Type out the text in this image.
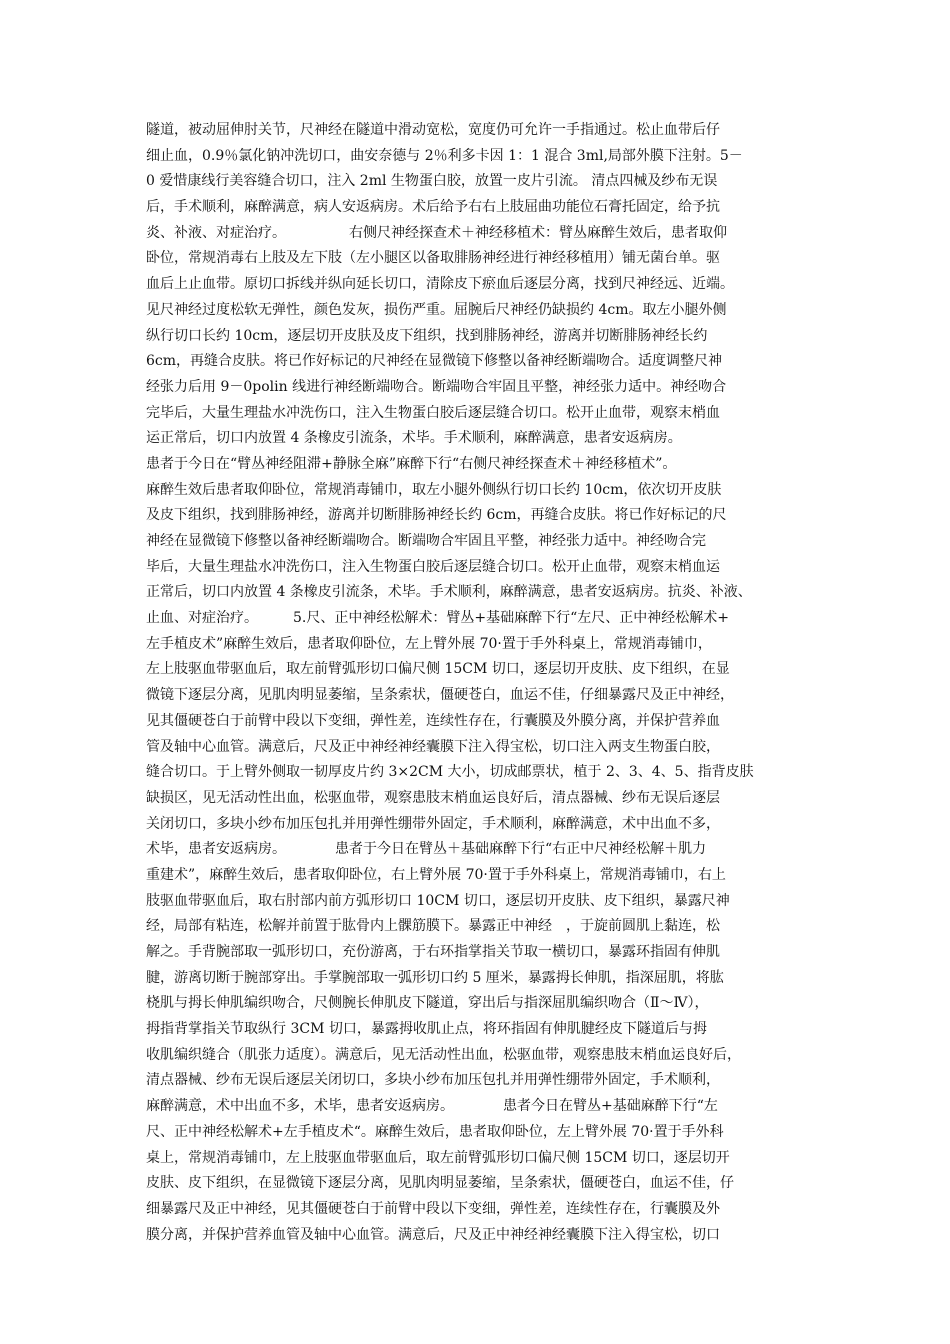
隧道，被动屈伸肘关节，尺神经在隧道中滑动宽松，宽度仍可允许一手指通过。松止血带后仔
细止血，0.9％氯化钠冲洗切口，曲安奈德与 2％利多卡因 1：1 混合 3ml,局部外膜下注射。5－
0 爱惜康线行美容缝合切口，注入 2ml 生物蛋白胶，放置一皮片引流。 清点四械及纱布无误
后，手术顺利，麻醉满意，病人安返病房。术后给予右右上肢屈曲功能位石膏托固定，给予抗
炎、补液、对症治疗。　　　　　右侧尺神经探查术＋神经移植术：臂丛麻醉生效后，患者取仰
卧位，常规消毒右上肢及左下肢（左小腿区以备取腓肠神经进行神经移植用）铺无菌台单。驱
血后上止血带。原切口拆线并纵向延长切口，清除皮下瘀血后逐层分离，找到尺神经远、近端。
见尺神经过度松软无弹性，颜色发灰，损伤严重。屈腕后尺神经仍缺损约 4cm。取左小腿外侧
纵行切口长约 10cm，逐层切开皮肤及皮下组织，找到腓肠神经，游离并切断腓肠神经长约
6cm，再缝合皮肤。将已作好标记的尺神经在显微镜下修整以备神经断端吻合。适度调整尺神
经张力后用 9－0polin 线进行神经断端吻合。断端吻合牢固且平整，神经张力适中。神经吻合
完毕后，大量生理盐水冲洗伤口，注入生物蛋白胶后逐层缝合切口。松开止血带，观察末梢血
运正常后，切口内放置 4 条橡皮引流条，术毕。手术顺利，麻醉满意，患者安返病房。
患者于今日在“臂丛神经阻滞+静脉全麻”麻醉下行“右侧尺神经探查术＋神经移植术”。
麻醉生效后患者取仰卧位，常规消毒铺巾，取左小腿外侧纵行切口长约 10cm，依次切开皮肤
及皮下组织，找到腓肠神经，游离并切断腓肠神经长约 6cm，再缝合皮肤。将已作好标记的尺
神经在显微镜下修整以备神经断端吻合。断端吻合牢固且平整，神经张力适中。神经吻合完
毕后，大量生理盐水冲洗伤口，注入生物蛋白胶后逐层缝合切口。松开止血带，观察末梢血运
正常后，切口内放置 4 条橡皮引流条，术毕。手术顺利，麻醉满意，患者安返病房。抗炎、补液、
止血、对症治疗。　　　5.尺、正中神经松解术：臂丛+基础麻醉下行“左尺、正中神经松解术+
左手植皮术”麻醉生效后，患者取仰卧位，左上臂外展 70·置于手外科桌上，常规消毒铺巾，
左上肢驱血带驱血后，取左前臂弧形切口偏尺侧 15CM 切口，逐层切开皮肤、皮下组织，在显
微镜下逐层分离，见肌肉明显萎缩，呈条索状，僵硬苍白，血运不佳，仔细暴露尺及正中神经，
见其僵硬苍白于前臂中段以下变细，弹性差，连续性存在，行囊膜及外膜分离，并保护营养血
管及轴中心血管。满意后，尺及正中神经神经囊膜下注入得宝松，切口注入两支生物蛋白胶，
缝合切口。于上臂外侧取一韧厚皮片约 3×2CM 大小，切成邮票状，植于 2、3、4、5、指背皮肤
缺损区，见无活动性出血，松驱血带，观察患肢末梢血运良好后，清点器械、纱布无误后逐层
关闭切口，多块小纱布加压包扎并用弹性绷带外固定，手术顺利，麻醉满意，术中出血不多，
术毕，患者安返病房。　　　　患者于今日在臂丛＋基础麻醉下行“右正中尺神经松解＋肌力
重建术”，麻醉生效后，患者取仰卧位，右上臂外展 70·置于手外科桌上，常规消毒铺巾，右上
肢驱血带驱血后，取右肘部内前方弧形切口 10CM 切口，逐层切开皮肤、皮下组织，暴露尺神
经，局部有粘连，松解并前置于肱骨内上髁筋膜下。暴露正中神经　，于旋前圆肌上黏连，松
解之。手背腕部取一弧形切口，充份游离，于右环指掌指关节取一横切口，暴露环指固有伸肌
腱，游离切断于腕部穿出。手掌腕部取一弧形切口约 5 厘米，暴露拇长伸肌，指深屈肌，将肱
桡肌与拇长伸肌编织吻合，尺侧腕长伸肌皮下隧道，穿出后与指深屈肌编织吻合（Ⅱ～Ⅳ），
拇指背掌指关节取纵行 3CM 切口，暴露拇收肌止点，将环指固有伸肌腱经皮下隧道后与拇
收肌编织缝合（肌张力适度）。满意后，见无活动性出血，松驱血带，观察患肢末梢血运良好后，
清点器械、纱布无误后逐层关闭切口，多块小纱布加压包扎并用弹性绷带外固定，手术顺利，
麻醉满意，术中出血不多，术毕，患者安返病房。　　　　患者今日在臂丛+基础麻醉下行“左
尺、正中神经松解术+左手植皮术“。麻醉生效后，患者取仰卧位，左上臂外展 70·置于手外科
桌上，常规消毒铺巾，左上肢驱血带驱血后，取左前臂弧形切口偏尺侧 15CM 切口，逐层切开
皮肤、皮下组织，在显微镜下逐层分离，见肌肉明显萎缩，呈条索状，僵硬苍白，血运不佳，仔
细暴露尺及正中神经，见其僵硬苍白于前臂中段以下变细，弹性差，连续性存在，行囊膜及外
膜分离，并保护营养血管及轴中心血管。满意后，尺及正中神经神经囊膜下注入得宝松，切口
